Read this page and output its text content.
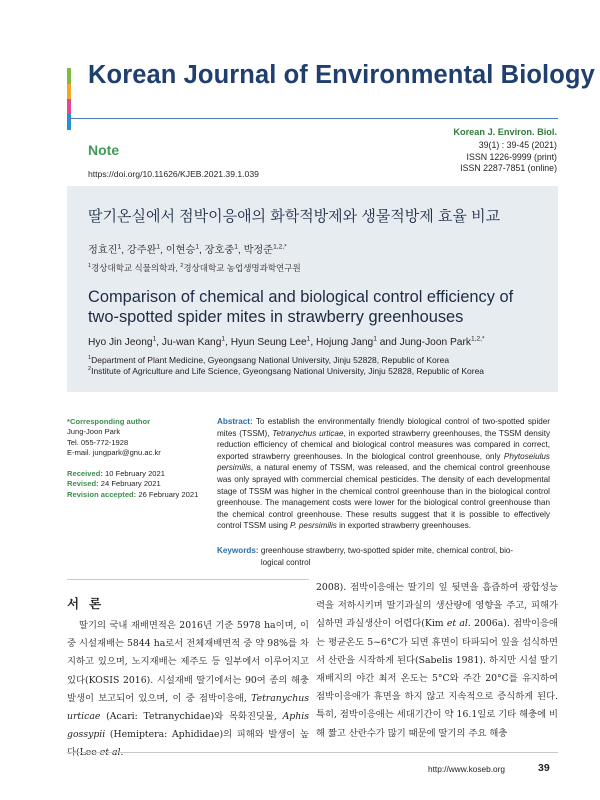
Korean Journal of Environmental Biology
Note
Korean J. Environ. Biol.
39(1) : 39-45 (2021)
ISSN 1226-9999 (print)
ISSN 2287-7851 (online)
https://doi.org/10.11626/KJEB.2021.39.1.039
딸기온실에서 점박이응애의 화학적방제와 생물적방제 효율 비교
정효진$^1$, 강주완$^1$, 이현승$^1$, 장호중$^1$, 박정준$^{1,2,*}$
$^1$경상대학교 식물의학과, $^2$경상대학교 농업생명과학연구원
Comparison of chemical and biological control efficiency of two-spotted spider mites in strawberry greenhouses
Hyo Jin Jeong$^1$, Ju-wan Kang$^1$, Hyun Seung Lee$^1$, Hojung Jang$^1$ and Jung-Joon Park$^{1,2,*}$
$^1$Department of Plant Medicine, Gyeongsang National University, Jinju 52828, Republic of Korea
$^2$Institute of Agriculture and Life Science, Gyeongsang National University, Jinju 52828, Republic of Korea
*Corresponding author
Jung-Joon Park
Tel. 055-772-1928
E-mail. jungpark@gnu.ac.kr
Received: 10 February 2021
Revised: 24 February 2021
Revision accepted: 26 February 2021
Abstract: To establish the environmentally friendly biological control of two-spotted spider mites (TSSM), Tetranychus urticae, in exported strawberry greenhouses, the TSSM density reduction efficiency of chemical and biological control measures was compared in correct, exported strawberry greenhouses. In the biological control greenhouse, only Phytoseiulus persimilis, a natural enemy of TSSM, was released, and the chemical control greenhouse was only sprayed with commercial chemical pesticides. The density of each developmental stage of TSSM was higher in the chemical control greenhouse than in the biological control greenhouse. The management costs were lower for the biological control greenhouse than the chemical control greenhouse. These results suggest that it is possible to effectively control TSSM using P. pesrsimilis in exported strawberry greenhouses.
Keywords: greenhouse strawberry, two-spotted spider mite, chemical control, bio-logical control
서론
딸기의 국내 재배면적은 2016년 기준 5978 ha이며, 이 중 시설재배는 5844 ha로서 전체재배면적 중 약 98%를 차지하고 있으며, 노지재배는 제주도 등 일부에서 이루어지고 있다(KOSIS 2016). 시설재배 딸기에서는 90여 종의 해충 발생이 보고되어 있으며, 이 중 점박이응애, Tetranychus urticae (Acari: Tetranychidae)와 목화진딧물, Aphis gossypii (Hemiptera: Aphididae)의 피해와 발생이 높
2008). 점박이응애는 딸기의 잎 뒷면을 흡즙하여 광합성능력을 저하시키며 딸기과실의 생산량에 영향을 주고, 피해가 심하면 과실생산이 어렵다(Kim et al. 2006a). 점박이응애는 평균온도 5~6°C가 되면 휴면이 타파되어 잎을 섭식하면서 산란을 시작하게 된다(Sabelis 1981). 하지만 시설 딸기 재배지의 야간 최저 온도는 5°C와 주간 20°C를 유지하여 점박이응애가 휴면을 하지 않고 지속적으로 증식하게 된다. 특히, 점박이응애는 세대기간이 약 16.1일로 기타 해충에 비해 짧고 산란수가 많기 때문에 딸기의 주요 해충
http://www.koseb.org	39
